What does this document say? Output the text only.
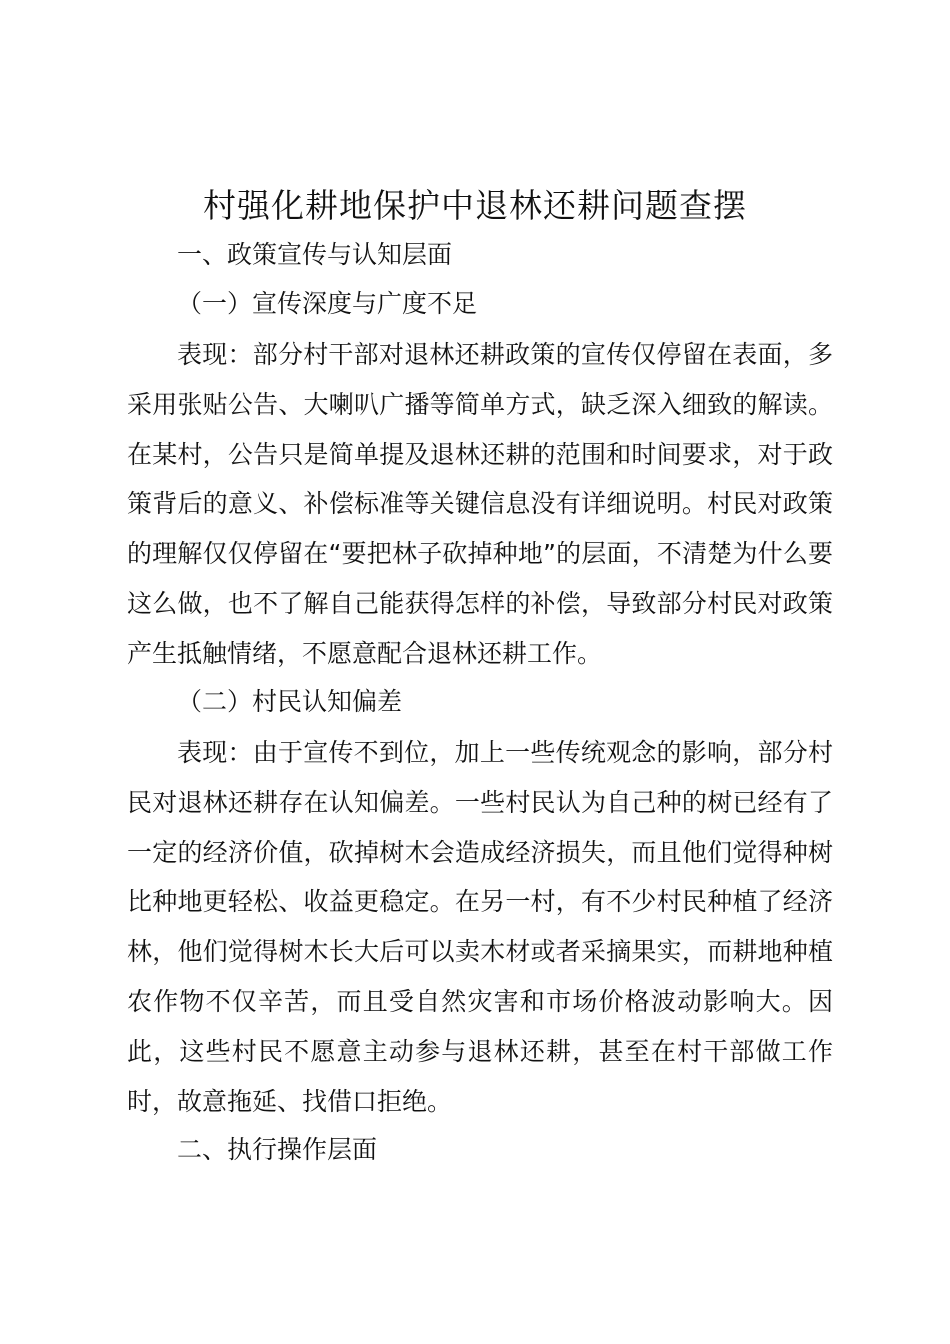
村强化耕地保护中退林还耕问题查摆

一、政策宣传与认知层面

（一）宣传深度与广度不足

表现：部分村干部对退林还耕政策的宣传仅停留在表面，多采用张贴公告、大喇叭广播等简单方式，缺乏深入细致的解读。在某村，公告只是简单提及退林还耕的范围和时间要求，对于政策背后的意义、补偿标准等关键信息没有详细说明。村民对政策的理解仅仅停留在“要把林子砍掉种地”的层面，不清楚为什么要这么做，也不了解自己能获得怎样的补偿，导致部分村民对政策产生抵触情绪，不愿意配合退林还耕工作。

（二）村民认知偏差

表现：由于宣传不到位，加上一些传统观念的影响，部分村民对退林还耕存在认知偏差。一些村民认为自己种的树已经有了一定的经济价值，砍掉树木会造成经济损失，而且他们觉得种树比种地更轻松、收益更稳定。在另一村，有不少村民种植了经济林，他们觉得树木长大后可以卖木材或者采摘果实，而耕地种植农作物不仅辛苦，而且受自然灾害和市场价格波动影响大。因此，这些村民不愿意主动参与退林还耕，甚至在村干部做工作时，故意拖延、找借口拒绝。

二、执行操作层面
